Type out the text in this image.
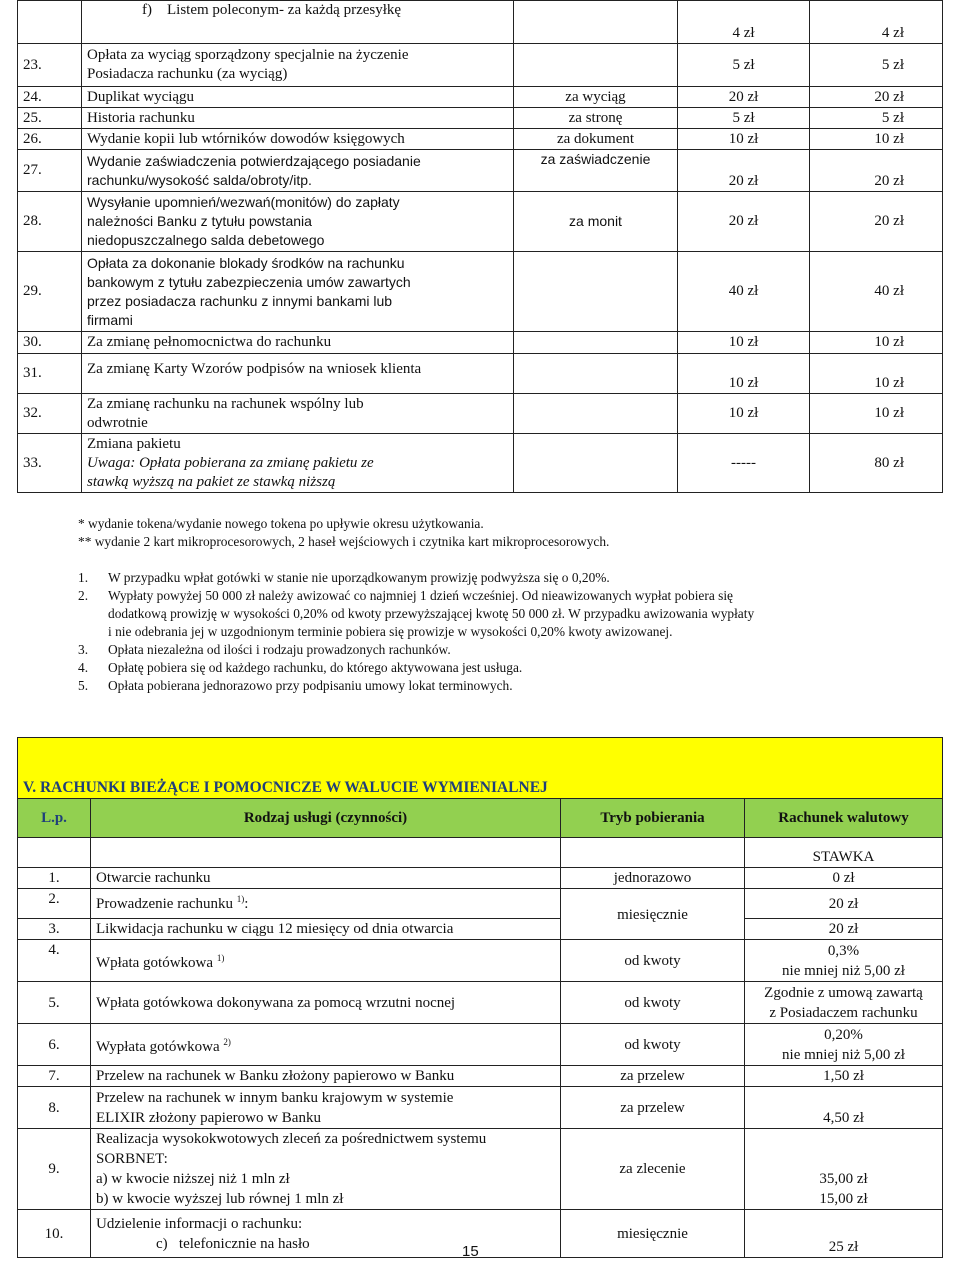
	f)    Listem poleconym- za każdą przesyłkę		4 zł	4 zł
23.	Opłata za wyciąg sporządzony specjalnie na życzenie
Posiadacza rachunku (za wyciąg)		5 zł	5 zł
24.	Duplikat wyciągu	za wyciąg	20 zł	20 zł
25.	Historia rachunku	za stronę	5 zł	5 zł
26.	Wydanie kopii lub wtórników dowodów księgowych	za dokument	10 zł	10 zł
27.	Wydanie zaświadczenia potwierdzającego posiadanie
rachunku/wysokość salda/obroty/itp.	za zaświadczenie	20 zł	20 zł
28.	Wysyłanie upomnień/wezwań(monitów) do zapłaty
należności Banku z tytułu powstania
niedopuszczalnego salda debetowego	za monit	20 zł	20 zł
29.	Opłata za dokonanie blokady środków na rachunku
bankowym z tytułu zabezpieczenia umów zawartych
przez posiadacza rachunku z innymi bankami lub
firmami		40 zł	40 zł
30.	Za zmianę pełnomocnictwa do rachunku		10 zł	10 zł
31.	Za zmianę Karty Wzorów podpisów na wniosek klienta		10 zł	10 zł
32.	Za zmianę rachunku na rachunek wspólny lub
odwrotnie		10 zł	10 zł
33.	Zmiana pakietu
Uwaga: Opłata pobierana za zmianę pakietu ze
stawką wyższą na pakiet ze stawką niższą		-----	80 zł

* wydanie tokena/wydanie nowego tokena po upływie okresu użytkowania.

** wydanie 2 kart mikroprocesorowych, 2 haseł wejściowych i czytnika kart mikroprocesorowych.

1.	W przypadku wpłat gotówki w stanie nie uporządkowanym prowizję podwyższa się o 0,20%.
2.	Wypłaty powyżej 50 000 zł należy awizować co najmniej 1 dzień wcześniej. Od nieawizowanych wypłat pobiera się
dodatkową prowizję w wysokości 0,20% od kwoty przewyższającej kwotę 50 000 zł. W przypadku awizowania wypłaty
i nie odebrania jej w uzgodnionym terminie pobiera się prowizje w wysokości 0,20% kwoty awizowanej.
3.	Opłata niezależna od ilości i rodzaju prowadzonych rachunków.
4.	Opłatę pobiera się od każdego rachunku, do którego aktywowana jest usługa.
5.	Opłata pobierana jednorazowo przy podpisaniu umowy lokat terminowych.
V. RACHUNKI BIEŻĄCE I POMOCNICZE W WALUCIE WYMIENIALNEJ			
L.p.	Rodzaj usługi (czynności)	Tryb pobierania	Rachunek walutowy
			STAWKA
1.	Otwarcie rachunku	jednorazowo	0 zł
2.	Prowadzenie rachunku $^{1)}$:	miesięcznie	20 zł
3.	Likwidacja rachunku w ciągu 12 miesięcy od dnia otwarcia		20 zł
4.	Wpłata gotówkowa $^{1)}$	od kwoty	0,3%
nie mniej niż 5,00 zł
5.	Wpłata gotówkowa dokonywana za pomocą wrzutni nocnej	od kwoty	Zgodnie z umową zawartą
z Posiadaczem rachunku
6.	Wypłata gotówkowa $^{2)}$	od kwoty	0,20%
nie mniej niż 5,00 zł
7.	Przelew na rachunek w Banku złożony papierowo w Banku	za przelew	1,50 zł
8.	Przelew na rachunek w innym banku krajowym w systemie
ELIXIR złożony papierowo w Banku	za przelew	4,50 zł
9.	Realizacja wysokokwotowych zleceń za pośrednictwem systemu SORBNET:
a) w kwocie niższej niż 1 mln zł
b) w kwocie wyższej lub równej 1 mln zł	za zlecenie	35,00 zł
15,00 zł
10.	Udzielenie informacji o rachunku:
c)   telefonicznie na hasło	miesięcznie	25 zł
15
